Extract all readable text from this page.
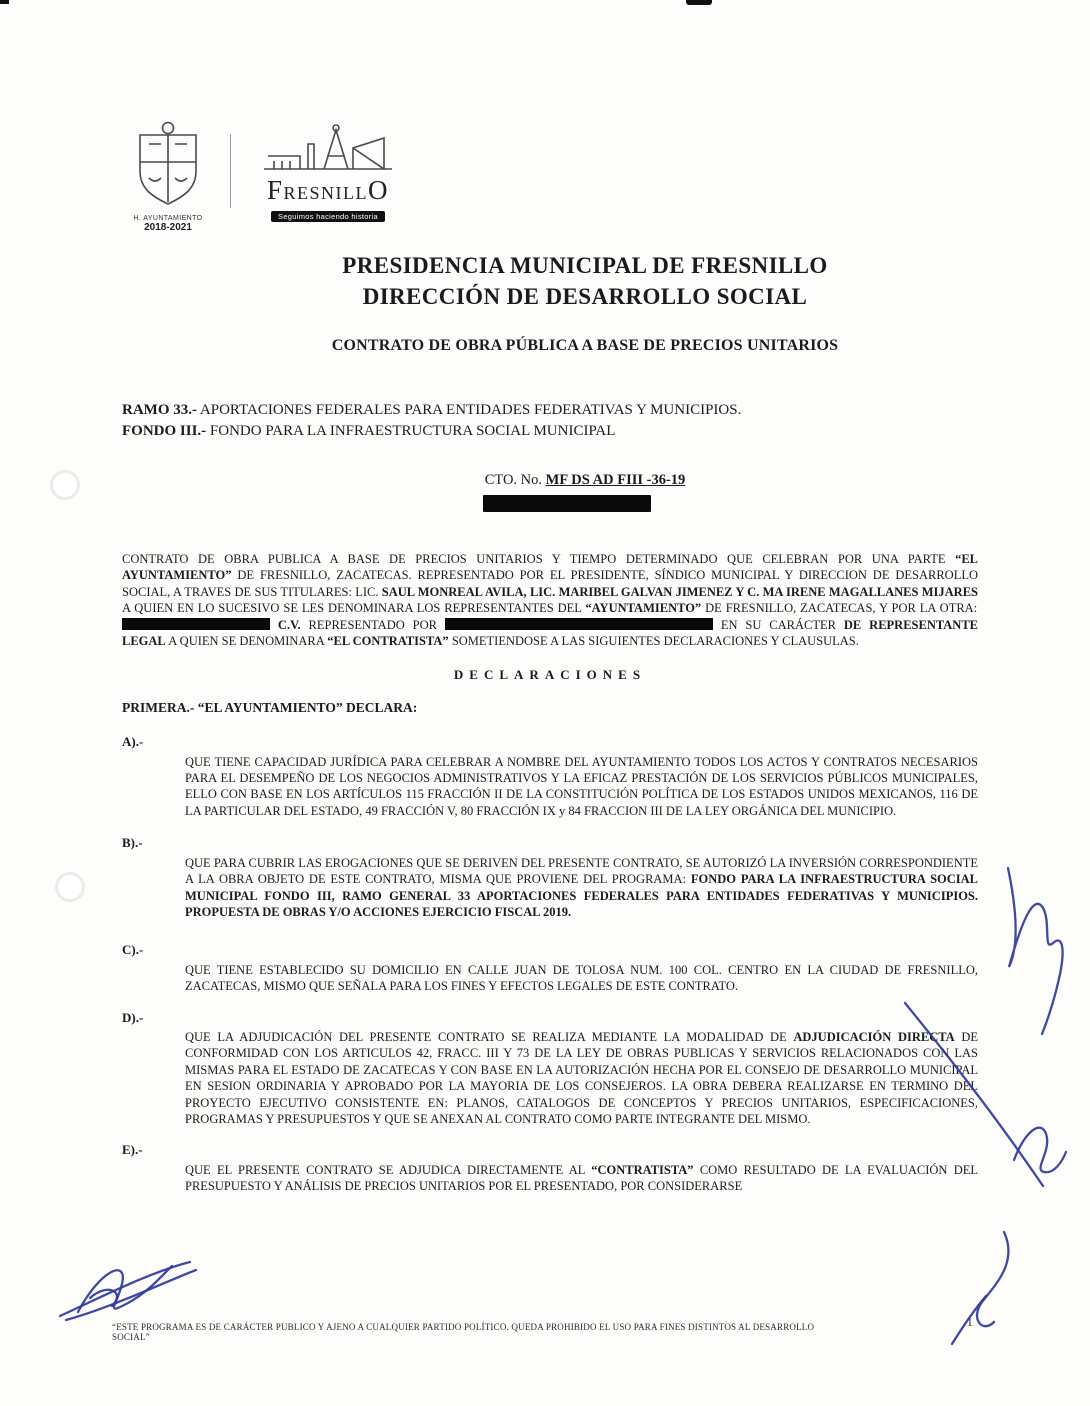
H. AYUNTAMIENTO
2018-2021
F RESNILL O
Seguimos haciendo historia
PRESIDENCIA MUNICIPAL DE FRESNILLO
DIRECCIÓN DE DESARROLLO SOCIAL
CONTRATO DE OBRA PÚBLICA A BASE DE PRECIOS UNITARIOS
RAMO 33.- APORTACIONES FEDERALES PARA ENTIDADES FEDERATIVAS Y MUNICIPIOS.
FONDO III.- FONDO PARA LA INFRAESTRUCTURA SOCIAL MUNICIPAL
CTO. No. MF DS AD FIII -36-19

CONTRATO DE OBRA PUBLICA A BASE DE PRECIOS UNITARIOS Y TIEMPO DETERMINADO QUE CELEBRAN POR UNA PARTE “EL AYUNTAMIENTO” DE FRESNILLO, ZACATECAS. REPRESENTADO POR EL PRESIDENTE, SÍNDICO MUNICIPAL Y DIRECCION DE DESARROLLO SOCIAL, A TRAVES DE SUS TITULARES: LIC. SAUL MONREAL AVILA, LIC. MARIBEL GALVAN JIMENEZ Y C. MA IRENE MAGALLANES MIJARES A QUIEN EN LO SUCESIVO SE LES DENOMINARA LOS REPRESENTANTES DEL “AYUNTAMIENTO” DE FRESNILLO, ZACATECAS, Y POR LA OTRA:  C.V. REPRESENTADO POR	EN SU CARÁCTER DE REPRESENTANTE LEGAL A QUIEN SE DENOMINARA “EL CONTRATISTA” SOMETIENDOSE A LAS SIGUIENTES DECLARACIONES Y CLAUSULAS.

DECLARACIONES
PRIMERA.- “EL AYUNTAMIENTO” DECLARA:
A).-

QUE TIENE CAPACIDAD JURÍDICA PARA CELEBRAR A NOMBRE DEL AYUNTAMIENTO TODOS LOS ACTOS Y CONTRATOS NECESARIOS PARA EL DESEMPEÑO DE LOS NEGOCIOS ADMINISTRATIVOS Y LA EFICAZ PRESTACIÓN DE LOS SERVICIOS PÚBLICOS MUNICIPALES, ELLO CON BASE EN LOS ARTÍCULOS 115 FRACCIÓN II DE LA CONSTITUCIÓN POLÍTICA DE LOS ESTADOS UNIDOS MEXICANOS, 116 DE LA PARTICULAR DEL ESTADO, 49 FRACCIÓN V, 80 FRACCIÓN IX y 84 FRACCION III DE LA LEY ORGÁNICA DEL MUNICIPIO.

B).-

QUE PARA CUBRIR LAS EROGACIONES QUE SE DERIVEN DEL PRESENTE CONTRATO, SE AUTORIZÓ LA INVERSIÓN CORRESPONDIENTE A LA OBRA OBJETO DE ESTE CONTRATO, MISMA QUE PROVIENE DEL PROGRAMA: FONDO PARA LA INFRAESTRUCTURA SOCIAL MUNICIPAL FONDO III, RAMO GENERAL 33 APORTACIONES FEDERALES PARA ENTIDADES FEDERATIVAS Y MUNICIPIOS. PROPUESTA DE OBRAS Y/O ACCIONES EJERCICIO FISCAL 2019.

C).-

QUE TIENE ESTABLECIDO SU DOMICILIO EN CALLE JUAN DE TOLOSA NUM. 100 COL. CENTRO EN LA CIUDAD DE FRESNILLO, ZACATECAS, MISMO QUE SEÑALA PARA LOS FINES Y EFECTOS LEGALES DE ESTE CONTRATO.

D).-

QUE LA ADJUDICACIÓN DEL PRESENTE CONTRATO SE REALIZA MEDIANTE LA MODALIDAD DE ADJUDICACIÓN DIRECTA DE CONFORMIDAD CON LOS ARTICULOS 42, FRACC. III Y 73 DE LA LEY DE OBRAS PUBLICAS Y SERVICIOS RELACIONADOS CON LAS MISMAS PARA EL ESTADO DE ZACATECAS Y CON BASE EN LA AUTORIZACIÓN HECHA POR EL CONSEJO DE DESARROLLO MUNICIPAL EN SESION ORDINARIA Y APROBADO POR LA MAYORIA DE LOS CONSEJEROS. LA OBRA DEBERA REALIZARSE EN TERMINO DEL PROYECTO EJECUTIVO CONSISTENTE EN: PLANOS, CATALOGOS DE CONCEPTOS Y PRECIOS UNITARIOS, ESPECIFICACIONES, PROGRAMAS Y PRESUPUESTOS Y QUE SE ANEXAN AL CONTRATO COMO PARTE INTEGRANTE DEL MISMO.

E).-

QUE EL PRESENTE CONTRATO SE ADJUDICA DIRECTAMENTE AL “CONTRATISTA” COMO RESULTADO DE LA EVALUACIÓN DEL PRESUPUESTO Y ANÁLISIS DE PRECIOS UNITARIOS POR EL PRESENTADO, POR CONSIDERARSE

“ESTE PROGRAMA ES DE CARÁCTER PUBLICO Y AJENO A CUALQUIER PARTIDO POLÍTICO. QUEDA PROHIBIDO EL USO PARA FINES DISTINTOS AL DESARROLLO SOCIAL”
1
